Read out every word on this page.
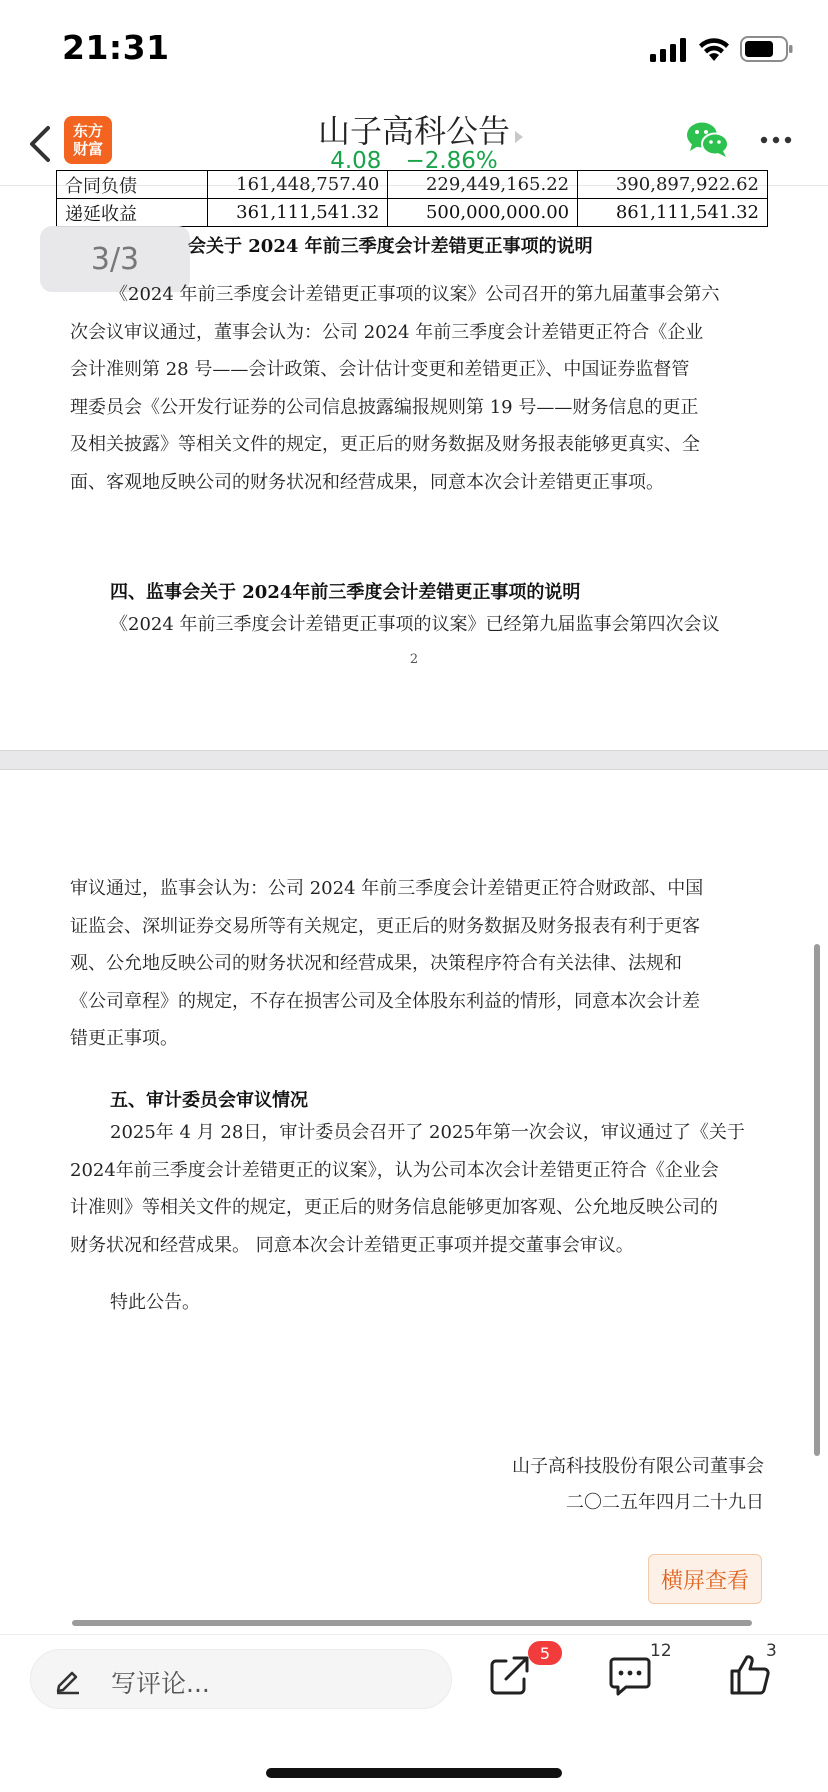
21:31
东方
财富	山子高科公告
4.08 −2.86%
合同负债	161,448,757.40	229,449,165.22	390,897,922.62
递延收益	361,111,541.32	500,000,000.00	861,111,541.32
3/3	会关于 2024 年前三季度会计差错更正事项的说明
《2024 年前三季度会计差错更正事项的议案》公司召开的第九届董事会第六
次会议审议通过，董事会认为：公司 2024 年前三季度会计差错更正符合《企业
会计准则第 28 号——会计政策、会计估计变更和差错更正》、中国证券监督管
理委员会《公开发行证券的公司信息披露编报规则第 19 号——财务信息的更正
及相关披露》等相关文件的规定，更正后的财务数据及财务报表能够更真实、全
面、客观地反映公司的财务状况和经营成果，同意本次会计差错更正事项。
四、监事会关于 2024年前三季度会计差错更正事项的说明
《2024 年前三季度会计差错更正事项的议案》已经第九届监事会第四次会议
2
审议通过，监事会认为：公司 2024 年前三季度会计差错更正符合财政部、中国
证监会、深圳证券交易所等有关规定，更正后的财务数据及财务报表有利于更客
观、公允地反映公司的财务状况和经营成果，决策程序符合有关法律、法规和
《公司章程》的规定，不存在损害公司及全体股东利益的情形，同意本次会计差
错更正事项。
五、审计委员会审议情况
2025年 4 月 28日，审计委员会召开了 2025年第一次会议，审议通过了《关于
2024年前三季度会计差错更正的议案》，认为公司本次会计差错更正符合《企业会
计准则》等相关文件的规定，更正后的财务信息能够更加客观、公允地反映公司的
财务状况和经营成果。 同意本次会计差错更正事项并提交董事会审议。
特此公告。
山子高科技股份有限公司董事会
二〇二五年四月二十九日
横屏查看
写评论...
5	12	3
